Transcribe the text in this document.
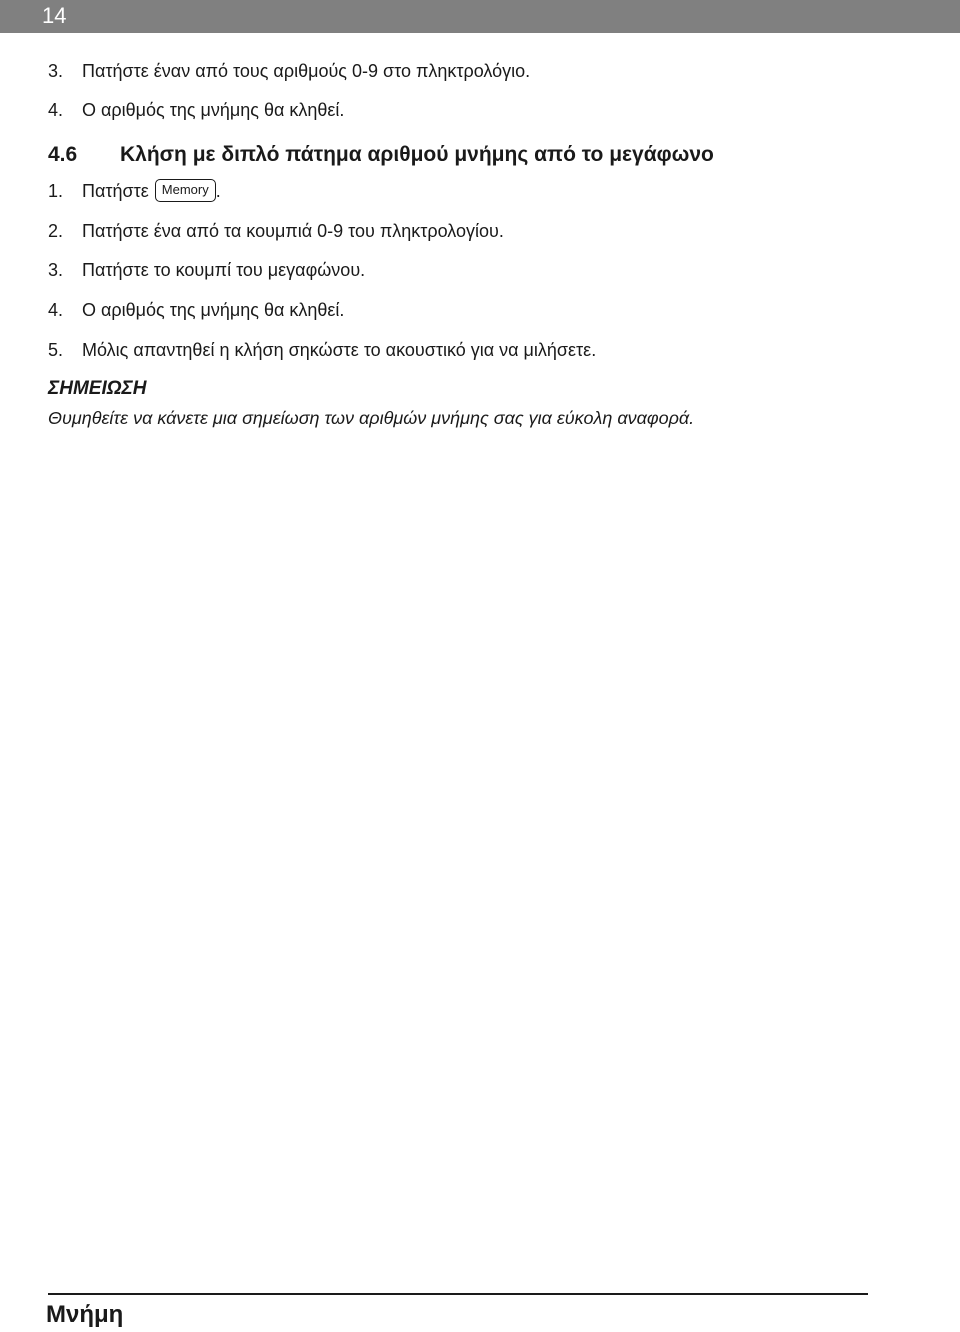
14
3. Πατήστε έναν από τους αριθμούς 0-9 στο πληκτρολόγιο.
4. Ο αριθμός της μνήμης θα κληθεί.
4.6 Κλήση με διπλό πάτημα αριθμού μνήμης από το μεγάφωνο
1. Πατήστε Memory .
2. Πατήστε ένα από τα κουμπιά 0-9 του πληκτρολογίου.
3. Πατήστε το κουμπί του μεγαφώνου.
4. Ο αριθμός της μνήμης θα κληθεί.
5. Μόλις απαντηθεί η κλήση σηκώστε το ακουστικό για να μιλήσετε.
ΣΗΜΕΙΩΣΗ
Θυμηθείτε να κάνετε μια σημείωση των αριθμών μνήμης σας για εύκολη αναφορά.
Μνήμη
